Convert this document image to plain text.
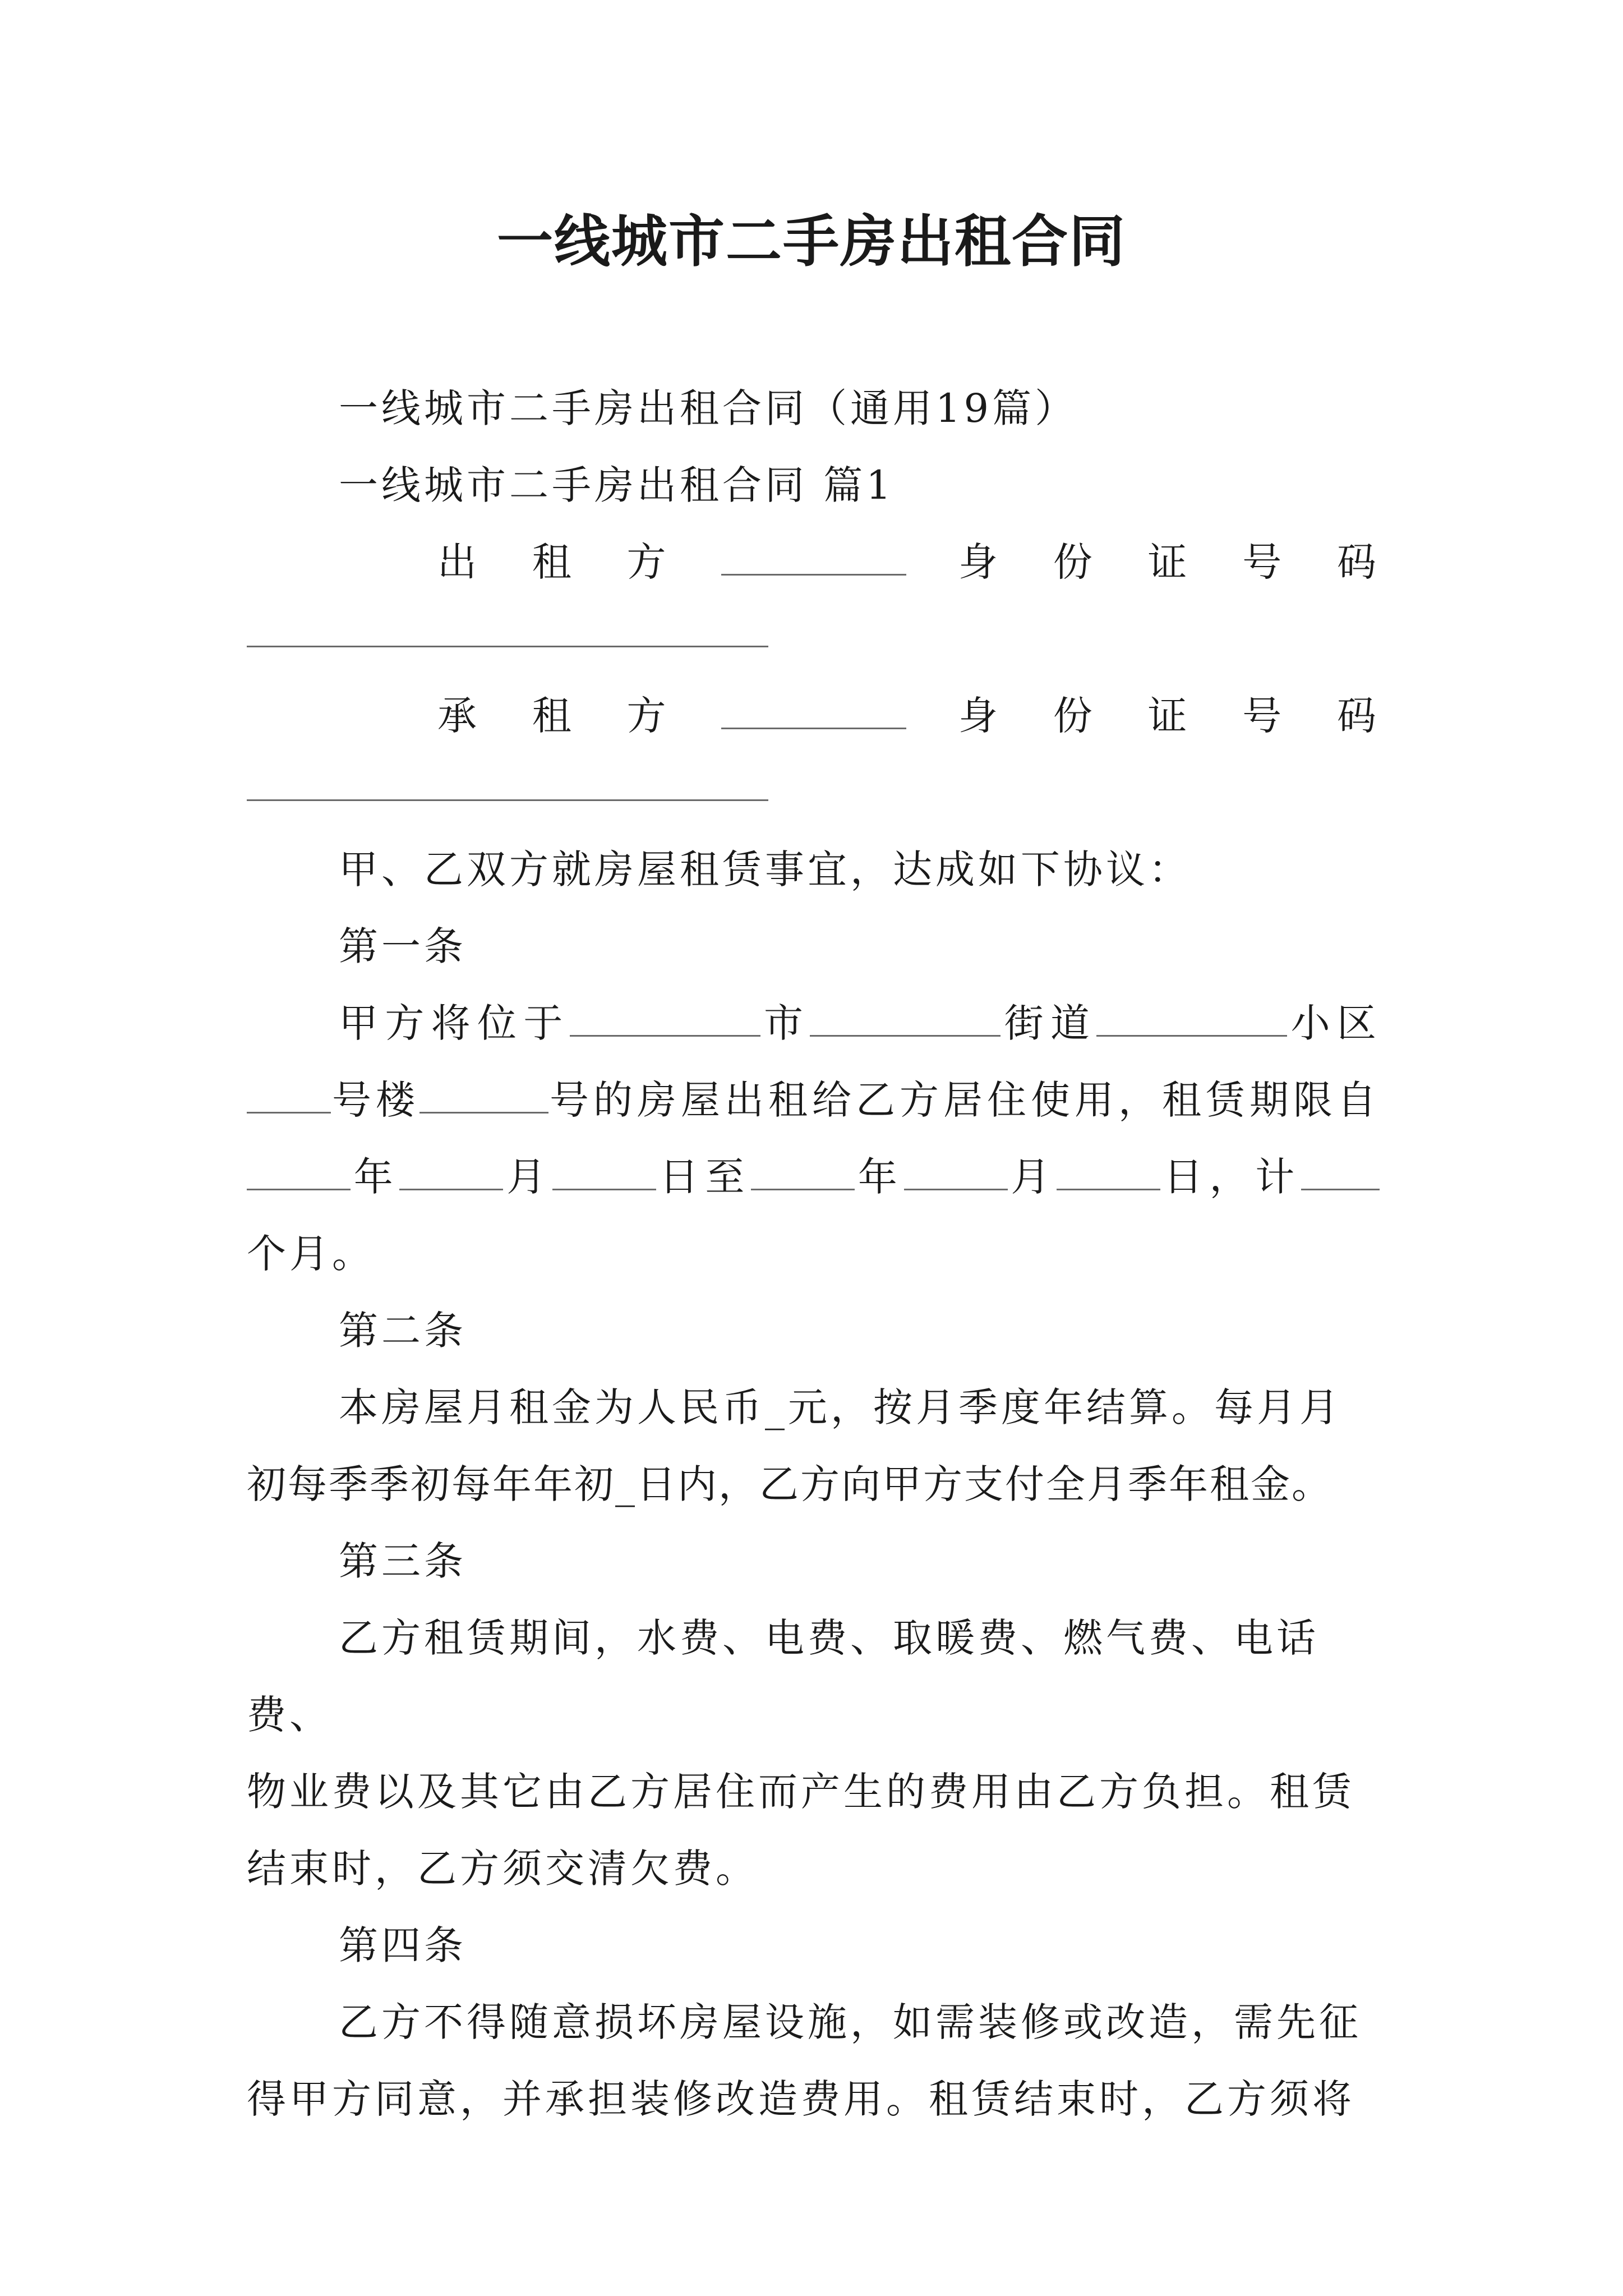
一线城市二手房出租合同

一线城市二手房出租合同（通用19篇）

一线城市二手房出租合同 篇1

出 租 方	身 份 证 号 码
承 租 方	身 份 证 号 码

甲、乙双方就房屋租赁事宜，达成如下协议：

第一条

甲方将位于	市	街道	小区

号楼	号的房屋出租给乙方居住使用，租赁期限自

年	月	日至	年	月	日，计

个月。

第二条

本房屋月租金为人民币_元，按月季度年结算。每月月

初每季季初每年年初_日内，乙方向甲方支付全月季年租金。

第三条

乙方租赁期间，水费、电费、取暖费、燃气费、电话费、

物业费以及其它由乙方居住而产生的费用由乙方负担。租赁

结束时，乙方须交清欠费。

第四条

乙方不得随意损坏房屋设施，如需装修或改造，需先征

得甲方同意，并承担装修改造费用。租赁结束时，乙方须将
